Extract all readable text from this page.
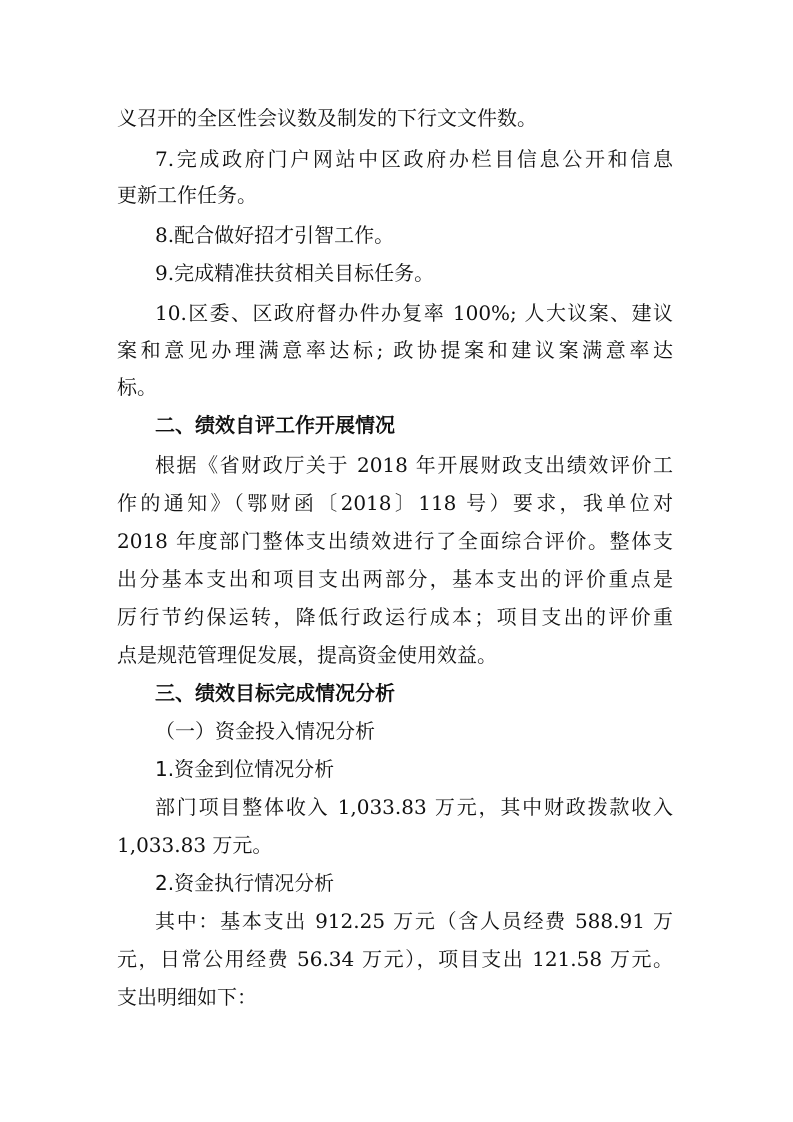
义召开的全区性会议数及制发的下行文文件数。
7.完成政府门户网站中区政府办栏目信息公开和信息
更新工作任务。
8.配合做好招才引智工作。
9.完成精准扶贫相关目标任务。
10.区委、区政府督办件办复率 100%; 人大议案、建议
案和意见办理满意率达标; 政协提案和建议案满意率达
标。
二、绩效自评工作开展情况
根据《省财政厅关于 2018 年开展财政支出绩效评价工
作的通知》（鄂财函〔2018〕118 号）要求，我单位对
2018 年度部门整体支出绩效进行了全面综合评价。整体支
出分基本支出和项目支出两部分，基本支出的评价重点是
厉行节约保运转，降低行政运行成本；项目支出的评价重
点是规范管理促发展，提高资金使用效益。
三、绩效目标完成情况分析
（一）资金投入情况分析
1.资金到位情况分析
部门项目整体收入 1,033.83 万元，其中财政拨款收入
1,033.83 万元。
2.资金执行情况分析
其中：基本支出 912.25 万元（含人员经费 588.91 万
元，日常公用经费 56.34 万元），项目支出 121.58 万元。
支出明细如下：
